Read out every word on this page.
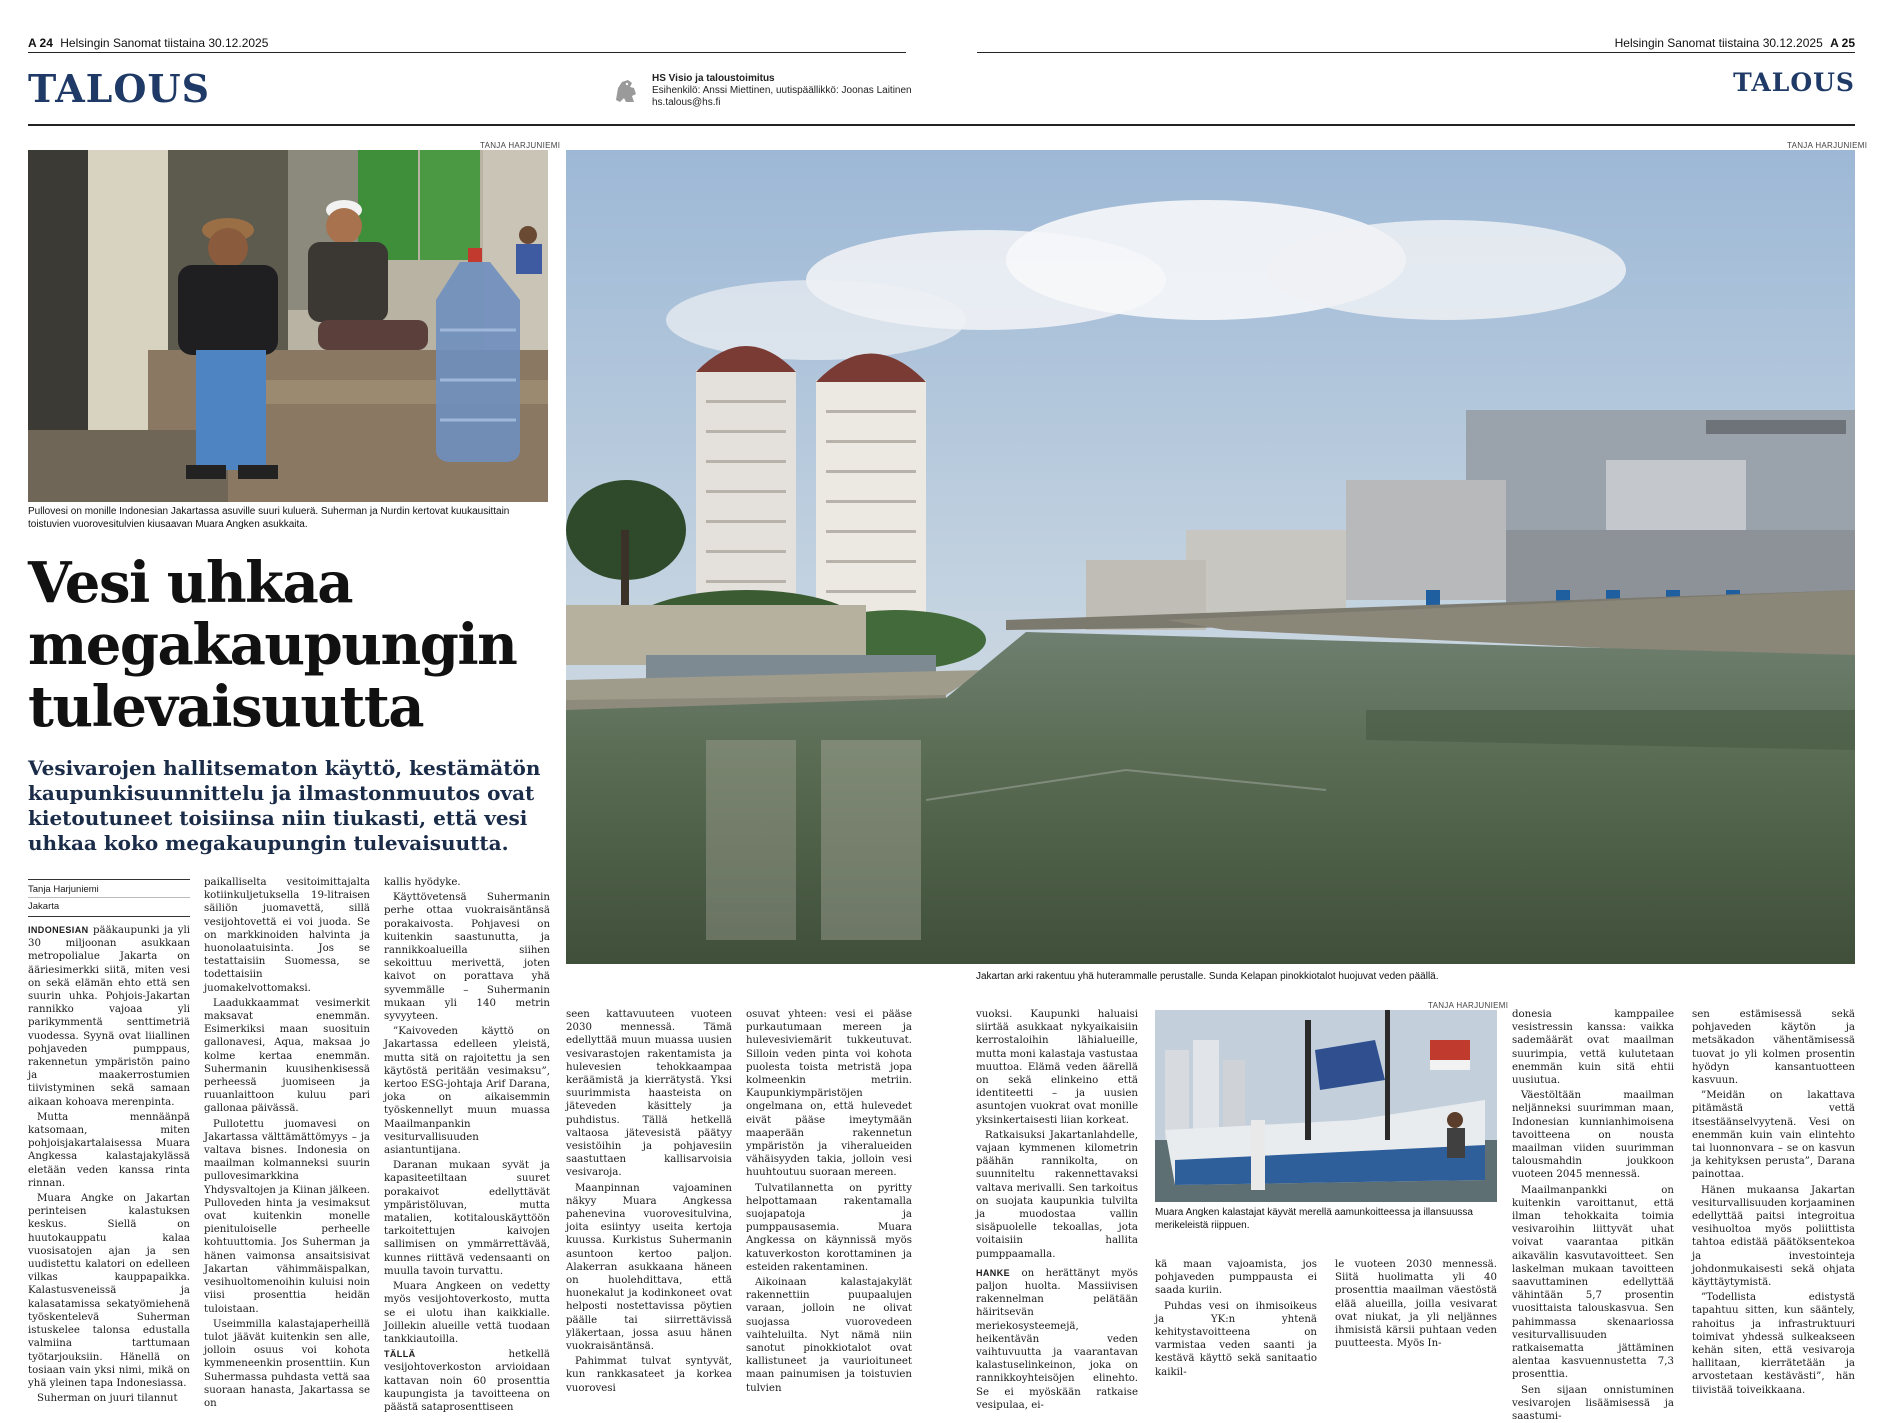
A 24 Helsingin Sanomat tiistaina 30.12.2025	Helsingin Sanomat tiistaina 30.12.2025 A 25
TALOUS	TALOUS
HS Visio ja taloustoimitus
Esihenkilö: Anssi Miettinen, uutispäällikkö: Joonas Laitinen
hs.talous@hs.fi
TANJA HARJUNIEMI
Pullovesi on monille Indonesian Jakartassa asuville suuri kuluerä. Suherman ja Nurdin kertovat kuukausittain toistuvien vuorovesitulvien kiusaavan Muara Angken asukkaita.
Vesi uhkaa megakaupungin tulevaisuutta
Vesivarojen hallitsematon käyttö, kestämätön kaupunkisuunnittelu ja ilmastonmuutos ovat kietoutuneet toisiinsa niin tiukasti, että vesi uhkaa koko megakaupungin tulevaisuutta.
Tanja Harjuniemi
Jakarta

INDONESIAN pääkaupunki ja yli 30 miljoonan asukkaan metropolialue Jakarta on ääriesimerkki siitä, miten vesi on sekä elämän ehto että sen suurin uhka. Pohjois-Jakartan rannikko vajoaa yli parikymmentä senttimetriä vuodessa. Syynä ovat liiallinen pohjaveden pumppaus, rakennetun ympäristön paino ja maakerrostumien tiivistyminen sekä samaan aikaan kohoava merenpinta.

Mutta mennäänpä katsomaan, miten pohjoisjakartalaisessa Muara Angkessa kalastajakylässä eletään veden kanssa rinta rinnan.

Muara Angke on Jakartan perinteisen kalastuksen keskus. Siellä on huutokauppatu kalaa vuosisatojen ajan ja sen uudistettu kalatori on edelleen vilkas kauppapaikka. Kalastusveneissä ja kalasatamissa sekatyömiehenä työskentelevä Suherman istuskelee talonsa edustalla valmiina tarttumaan työtarjouksiin. Hänellä on tosiaan vain yksi nimi, mikä on yhä yleinen tapa Indonesiassa.

Suherman on juuri tilannut

paikalliselta vesitoimittajalta kotiinkuljetuksella 19-litraisen säiliön juomavettä, sillä vesijohtovettä ei voi juoda. Se on markkinoiden halvinta ja huonolaatuisinta. Jos se testattaisiin Suomessa, se todettaisiin juomakelvottomaksi.

Laadukkaammat vesimerkit maksavat enemmän. Esimerkiksi maan suosituin gallonavesi, Aqua, maksaa jo kolme kertaa enemmän. Suhermanin kuusihenkisessä perheessä juomiseen ja ruuanlaittoon kuluu pari gallonaa päivässä.

Pullotettu juomavesi on Jakartassa välttämättömyys – ja valtava bisnes. Indonesia on maailman kolmanneksi suurin pullovesimarkkina Yhdysvaltojen ja Kiinan jälkeen. Pulloveden hinta ja vesimaksut ovat kuitenkin monelle pienituloiselle perheelle kohtuuttomia. Jos Suherman ja hänen vaimonsa ansaitsisivat Jakartan vähimmäispalkan, vesihuoltomenoihin kuluisi noin viisi prosenttia heidän tuloistaan.

Useimmilla kalastajaperheillä tulot jäävät kuitenkin sen alle, jolloin osuus voi kohota kymmeneenkin prosenttiin. Kun Suhermassa puhdasta vettä saa suoraan hanasta, Jakartassa se on

kallis hyödyke.

Käyttövetensä Suhermanin perhe ottaa vuokraisäntänsä porakaivosta. Pohjavesi on kuitenkin saastunutta, ja rannikkoalueilla siihen sekoittuu merivettä, joten kaivot on porattava yhä syvemmälle – Suhermanin mukaan yli 140 metrin syvyyteen.

”Kaivoveden käyttö on Jakartassa edelleen yleistä, mutta sitä on rajoitettu ja sen käytöstä peritään vesimaksu”, kertoo ESG-johtaja Arif Darana, joka on aikaisemmin työskennellyt muun muassa Maailmanpankin vesiturvallisuuden asiantuntijana.

Daranan mukaan syvät ja kapasiteetiltaan suuret porakaivot edellyttävät ympäristöluvan, mutta matalien, kotitalouskäyttöön tarkoitettujen kaivojen sallimisen on ymmärrettävää, kunnes riittävä vedensaanti on muulla tavoin turvattu.

Muara Angkeen on vedetty myös vesijohtoverkosto, mutta se ei ulotu ihan kaikkialle. Joillekin alueille vettä tuodaan tankkiautoilla.

TÄLLÄ	hetkellä vesijohtoverkoston arvioidaan kattavan noin 60 prosenttia kaupungista ja tavoitteena on päästä sataprosenttiseen

seen kattavuuteen vuoteen 2030 mennessä. Tämä edellyttää muun muassa uusien vesivarastojen rakentamista ja hulevesien tehokkaampaa keräämistä ja kierrätystä. Yksi suurimmista haasteista on jäteveden käsittely ja puhdistus. Tällä hetkellä valtaosa jätevesistä päätyy vesistöihin ja pohjavesiin saastuttaen kallisarvoisia vesivaroja.

Maanpinnan vajoaminen näkyy Muara Angkessa pahenevina vuorovesitulvina, joita esiintyy useita kertoja kuussa. Kurkistus Suhermanin asuntoon kertoo paljon. Alakerran asukkaana häneen on huolehdittava, että huonekalut ja kodinkoneet ovat helposti nostettavissa pöytien päälle tai siirrettävissä yläkertaan, jossa asuu hänen vuokraisäntänsä.

Pahimmat tulvat syntyvät, kun rankkasateet ja korkea vuorovesi

osuvat yhteen: vesi ei pääse purkautumaan mereen ja hulevesiviemärit tukkeutuvat. Silloin veden pinta voi kohota puolesta toista metristä jopa kolmeenkin metriin. Kaupunkiympäristöjen ongelmana on, että hulevedet eivät pääse imeytymään maaperään rakennetun ympäristön ja viheralueiden vähäisyyden takia, jolloin vesi huuhtoutuu suoraan mereen.

Tulvatilannetta on pyritty helpottamaan rakentamalla suojapatoja ja pumppausasemia. Muara Angkessa on käynnissä myös katuverkoston korottaminen ja esteiden rakentaminen.

Aikoinaan kalastajakylät rakennettiin puupaalujen varaan, jolloin ne olivat suojassa vuorovedeen vaihteluilta. Nyt nämä niin sanotut pinokkiotalot ovat kallistuneet ja vaurioituneet maan painumisen ja toistuvien tulvien

TANJA HARJUNIEMI
Jakartan arki rakentuu yhä huterammalle perustalle. Sunda Kelapan pinokkiotalot huojuvat veden päällä.

vuoksi. Kaupunki haluaisi siirtää asukkaat nykyaikaisiin kerrostaloihin lähialueille, mutta moni kalastaja vastustaa muuttoa. Elämä veden äärellä on sekä elinkeino että identiteetti – ja uusien asuntojen vuokrat ovat monille yksinkertaisesti liian korkeat.

Ratkaisuksi Jakartanlahdelle, vajaan kymmenen kilometrin päähän rannikolta, on suunniteltu rakennettavaksi valtava merivalli. Sen tarkoitus on suojata kaupunkia tulvilta ja muodostaa vallin sisäpuolelle tekoallas, jota voitaisiin hallita pumppaamalla.

HANKE on herättänyt myös paljon huolta. Massiivisen rakennelman pelätään häiritsevän meriekosysteemejä, heikentävän veden vaihtuvuutta ja vaarantavan kalastuselinkeinon, joka on rannikkoyhteisöjen elinehto. Se ei myöskään ratkaise vesipulaa, ei-

TANJA HARJUNIEMI
Muara Angken kalastajat käyvät merellä aamunkoitteessa ja illansuussa merikeleistä riippuen.

kä maan vajoamista, jos pohjaveden pumppausta ei saada kuriin.

Puhdas vesi on ihmisoikeus ja YK:n yhtenä kehitystavoitteena on varmistaa veden saanti ja kestävä käyttö sekä sanitaatio kaikil-

le vuoteen 2030 mennessä. Siitä huolimatta yli 40 prosenttia maailman väestöstä elää alueilla, joilla vesivarat ovat niukat, ja yli neljännes ihmisistä kärsii puhtaan veden puutteesta. Myös In-

donesia kamppailee vesistressin kanssa: vaikka sademäärät ovat maailman suurimpia, vettä kulutetaan enemmän kuin sitä ehtii uusiutua.

Väestöltään maailman neljänneksi suurimman maan, Indonesian kunnianhimoisena tavoitteena on nousta maailman viiden suurimman talousmahdin joukkoon vuoteen 2045 mennessä.

Maailmanpankki on kuitenkin varoittanut, että ilman tehokkaita toimia vesivaroihin liittyvät uhat voivat vaarantaa pitkän aikavälin kasvutavoitteet. Sen laskelman mukaan tavoitteen saavuttaminen edellyttää vähintään 5,7 prosentin vuosittaista talouskasvua. Sen pahimmassa skenaariossa vesiturvallisuuden ratkaisematta jättäminen alentaa kasvuennustetta 7,3 prosenttia.

Sen sijaan onnistuminen vesivarojen lisäämisessä ja saastumi-

sen estämisessä sekä pohjaveden käytön ja metsäkadon vähentämisessä tuovat jo yli kolmen prosentin hyödyn kansantuotteen kasvuun.

”Meidän on lakattava pitämästä vettä itsestäänselvyytenä. Vesi on enemmän kuin vain elintehto tai luonnonvara – se on kasvun ja kehityksen perusta”, Darana painottaa.

Hänen mukaansa Jakartan vesiturvallisuuden korjaaminen edellyttää paitsi integroitua vesihuoltoa myös poliittista tahtoa edistää päätöksentekoa ja investointeja johdonmukaisesti sekä ohjata käyttäytymistä.

”Todellista edistystä tapahtuu sitten, kun sääntely, rahoitus ja infrastruktuuri toimivat yhdessä sulkeakseen kehän siten, että vesivaroja hallitaan, kierrätetään ja arvostetaan kestävästi”, hän tiivistää toiveikkaana.
